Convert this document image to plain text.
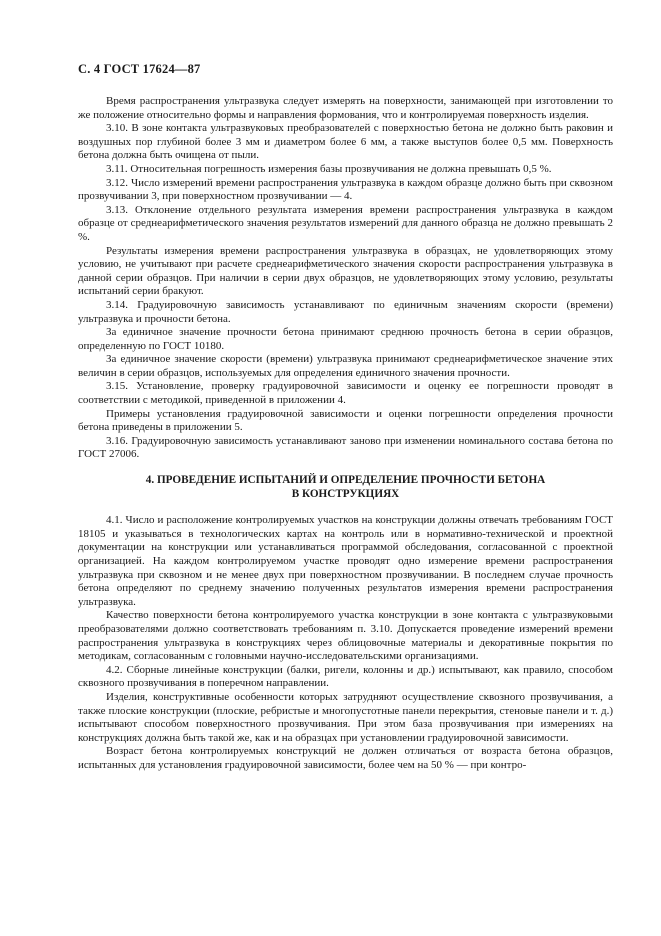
С. 4 ГОСТ 17624—87

Время распространения ультразвука следует измерять на поверхности, занимающей при изготовлении то же положение относительно формы и направления формования, что и контролируемая поверхность изделия.

3.10. В зоне контакта ультразвуковых преобразователей с поверхностью бетона не должно быть раковин и воздушных пор глубиной более 3 мм и диаметром более 6 мм, а также выступов более 0,5 мм. Поверхность бетона должна быть очищена от пыли.

3.11. Относительная погрешность измерения базы прозвучивания не должна превышать 0,5 %.

3.12. Число измерений времени распространения ультразвука в каждом образце должно быть при сквозном прозвучивании 3, при поверхностном прозвучивании — 4.

3.13. Отклонение отдельного результата измерения времени распространения ультразвука в каждом образце от среднеарифметического значения результатов измерений для данного образца не должно превышать 2 %.

Результаты измерения времени распространения ультразвука в образцах, не удовлетворяющих этому условию, не учитывают при расчете среднеарифметического значения скорости распространения ультразвука в данной серии образцов. При наличии в серии двух образцов, не удовлетворяющих этому условию, результаты испытаний серии бракуют.

3.14. Градуировочную зависимость устанавливают по единичным значениям скорости (времени) ультразвука и прочности бетона.

За единичное значение прочности бетона принимают среднюю прочность бетона в серии образцов, определенную по ГОСТ 10180.

За единичное значение скорости (времени) ультразвука принимают среднеарифметическое значение этих величин в серии образцов, используемых для определения единичного значения прочности.

3.15. Установление, проверку градуировочной зависимости и оценку ее погрешности проводят в соответствии с методикой, приведенной в приложении 4.

Примеры установления градуировочной зависимости и оценки погрешности определения прочности бетона приведены в приложении 5.

3.16. Градуировочную зависимость устанавливают заново при изменении номинального состава бетона по ГОСТ 27006.

4. ПРОВЕДЕНИЕ ИСПЫТАНИЙ И ОПРЕДЕЛЕНИЕ ПРОЧНОСТИ БЕТОНА
В КОНСТРУКЦИЯХ

4.1. Число и расположение контролируемых участков на конструкции должны отвечать требованиям ГОСТ 18105 и указываться в технологических картах на контроль или в нормативно-технической и проектной документации на конструкции или устанавливаться программой обследования, согласованной с проектной организацией. На каждом контролируемом участке проводят одно измерение времени распространения ультразвука при сквозном и не менее двух при поверхностном прозвучивании. В последнем случае прочность бетона определяют по среднему значению полученных результатов измерения времени распространения ультразвука.

Качество поверхности бетона контролируемого участка конструкции в зоне контакта с ультразвуковыми преобразователями должно соответствовать требованиям п. 3.10. Допускается проведение измерений времени распространения ультразвука в конструкциях через облицовочные материалы и декоративные покрытия по методикам, согласованным с головными научно-исследовательскими организациями.

4.2. Сборные линейные конструкции (балки, ригели, колонны и др.) испытывают, как правило, способом сквозного прозвучивания в поперечном направлении.

Изделия, конструктивные особенности которых затрудняют осуществление сквозного прозвучивания, а также плоские конструкции (плоские, ребристые и многопустотные панели перекрытия, стеновые панели и т. д.) испытывают способом поверхностного прозвучивания. При этом база прозвучивания при измерениях на конструкциях должна быть такой же, как и на образцах при установлении градуировочной зависимости.

Возраст бетона контролируемых конструкций не должен отличаться от возраста бетона образцов, испытанных для установления градуировочной зависимости, более чем на 50 % — при контро-
